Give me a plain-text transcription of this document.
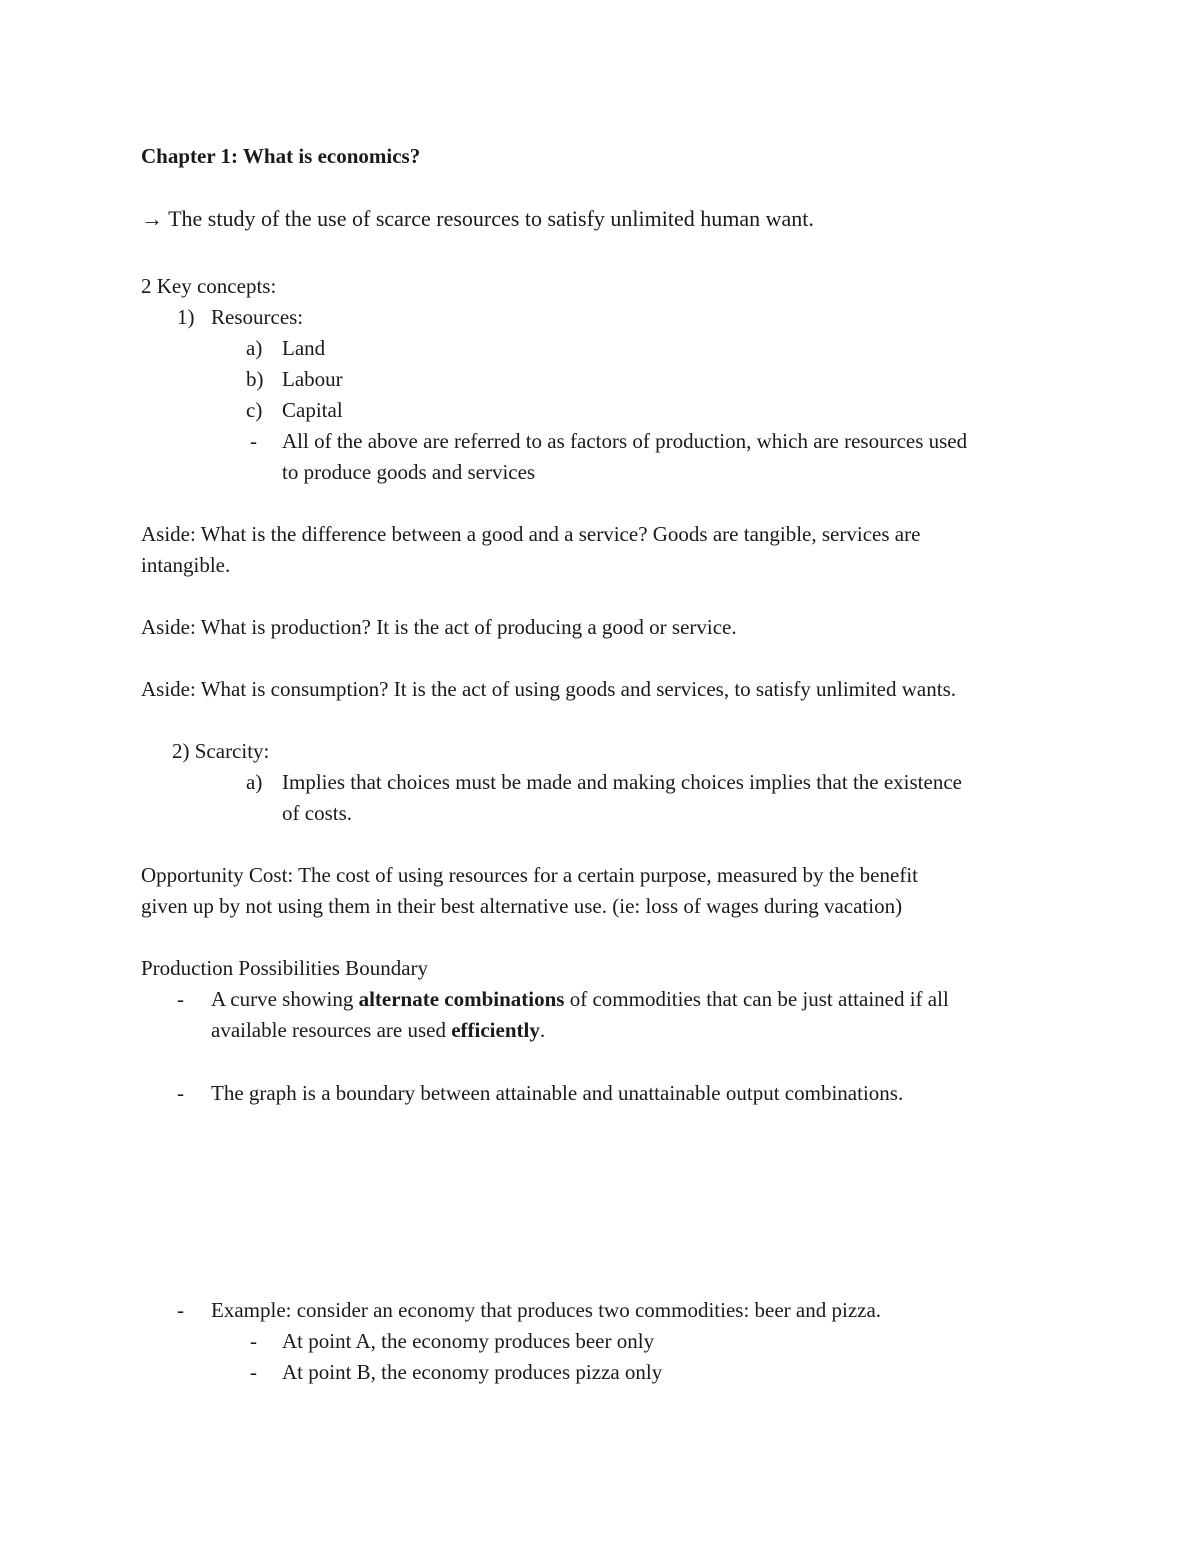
Chapter 1: What is economics?
→ The study of the use of scarce resources to satisfy unlimited human want.
2 Key concepts:
1) Resources:
a) Land
b) Labour
c) Capital
- All of the above are referred to as factors of production, which are resources used
to produce goods and services
Aside: What is the difference between a good and a service? Goods are tangible, services are
intangible.
Aside: What is production? It is the act of producing a good or service.
Aside: What is consumption? It is the act of using goods and services, to satisfy unlimited wants.
2) Scarcity:
a) Implies that choices must be made and making choices implies that the existence
of costs.
Opportunity Cost: The cost of using resources for a certain purpose, measured by the benefit
given up by not using them in their best alternative use. (ie: loss of wages during vacation)
Production Possibilities Boundary
- A curve showing alternate combinations of commodities that can be just attained if all
available resources are used efficiently.
- The graph is a boundary between attainable and unattainable output combinations.
- Example: consider an economy that produces two commodities: beer and pizza.
- At point A, the economy produces beer only
- At point B, the economy produces pizza only
